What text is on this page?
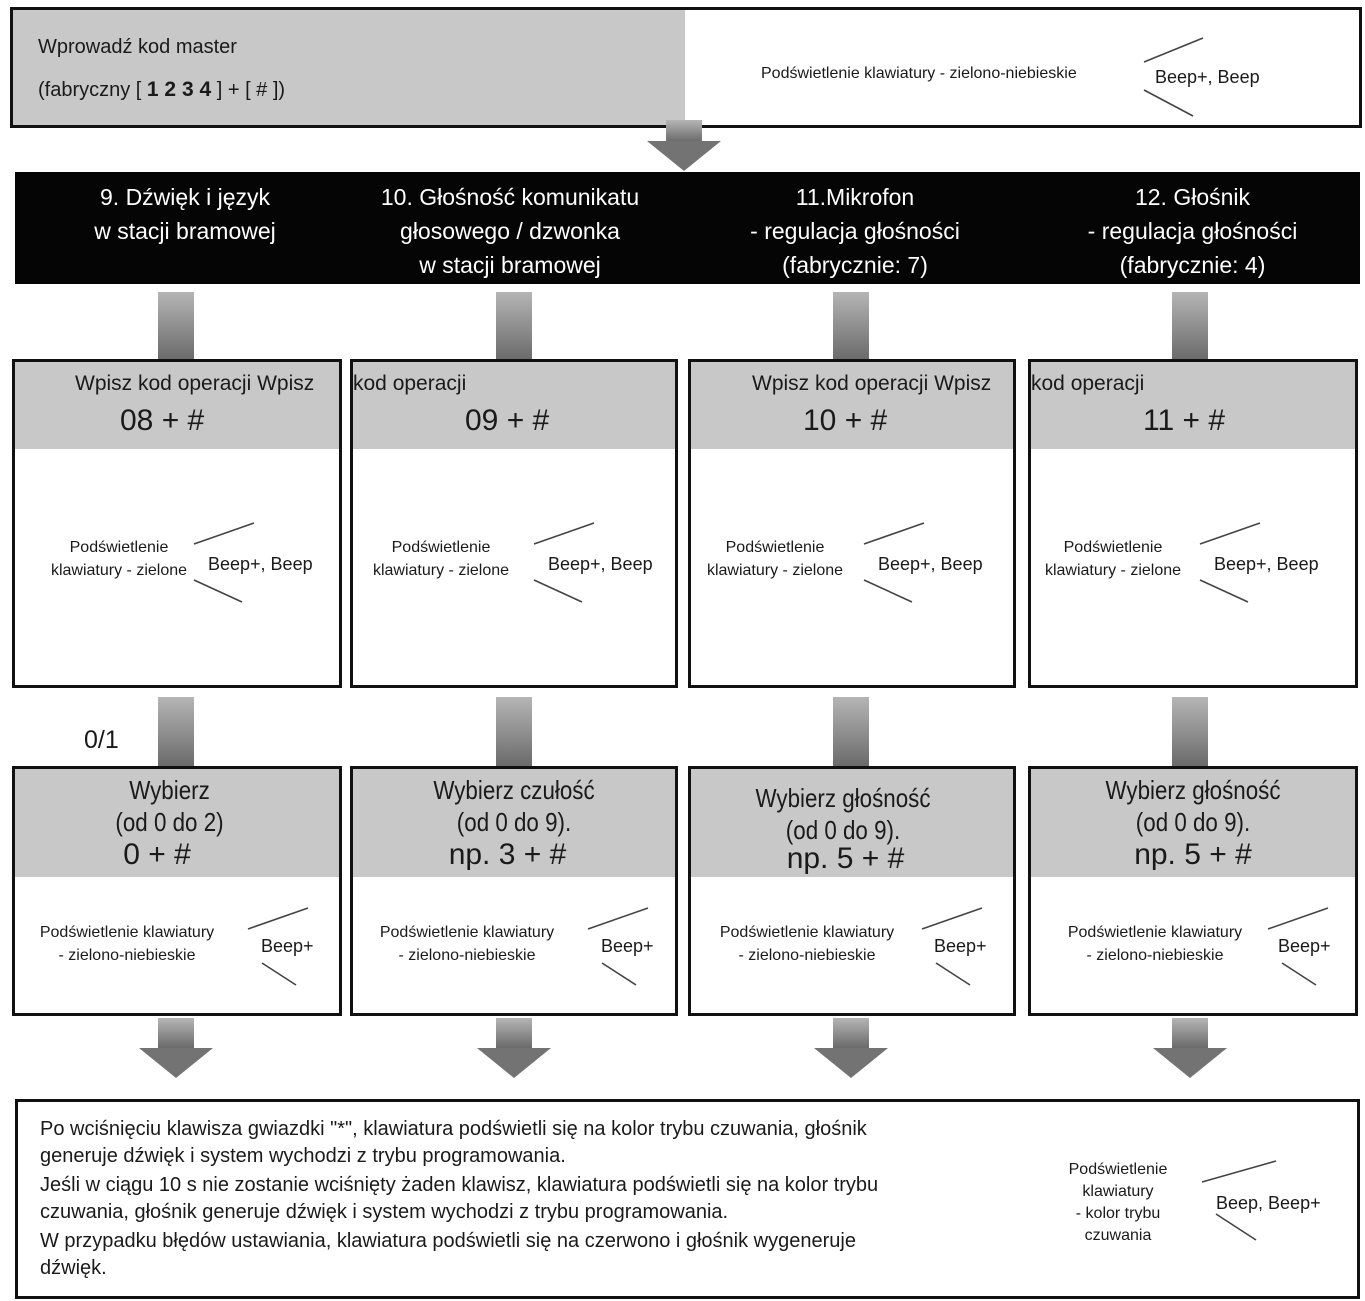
Wprowadź kod master
(fabryczny [ 1 2 3 4 ] + [ # ])
Podświetlenie klawiatury - zielono-niebieskie	Beep+, Beep
9. Dźwięk i język
w stacji bramowej
10. Głośność komunikatu
głosowego / dzwonka
w stacji bramowej
11.Mikrofon
- regulacja głośności
(fabrycznie: 7)
12. Głośnik
- regulacja głośności
(fabrycznie: 4)
Wpisz kod operacji Wpisz kod operacji	Wpisz kod operacji Wpisz kod operacji
08 + #	09 + #	10 + #	11 + #
Podświetlenie
klawiatury - zielone
Podświetlenie
klawiatury - zielone
Podświetlenie
klawiatury - zielone
Podświetlenie
klawiatury - zielone
Beep+, Beep	Beep+, Beep	Beep+, Beep	Beep+, Beep
0/1
Wybierz
(od 0 do 2)
Wybierz czułość
(od 0 do 9).
Wybierz głośność
(od 0 do 9).
Wybierz głośność
(od 0 do 9).
0 + #	np. 3 + #	np. 5 + #	np. 5 + #
Podświetlenie klawiatury
- zielono-niebieskie
Podświetlenie klawiatury
- zielono-niebieskie
Podświetlenie klawiatury
- zielono-niebieskie
Podświetlenie klawiatury
- zielono-niebieskie
Beep+	Beep+	Beep+	Beep+
Po wciśnięciu klawisza gwiazdki "*", klawiatura podświetli się na kolor trybu czuwania, głośnik
generuje dźwięk i system wychodzi z trybu programowania.
Jeśli w ciągu 10 s nie zostanie wciśnięty żaden klawisz, klawiatura podświetli się na kolor trybu
czuwania, głośnik generuje dźwięk i system wychodzi z trybu programowania.
W przypadku błędów ustawiania, klawiatura podświetli się na czerwono i głośnik wygeneruje
dźwięk.
Podświetlenie
klawiatury
- kolor trybu
czuwania
Beep, Beep+
